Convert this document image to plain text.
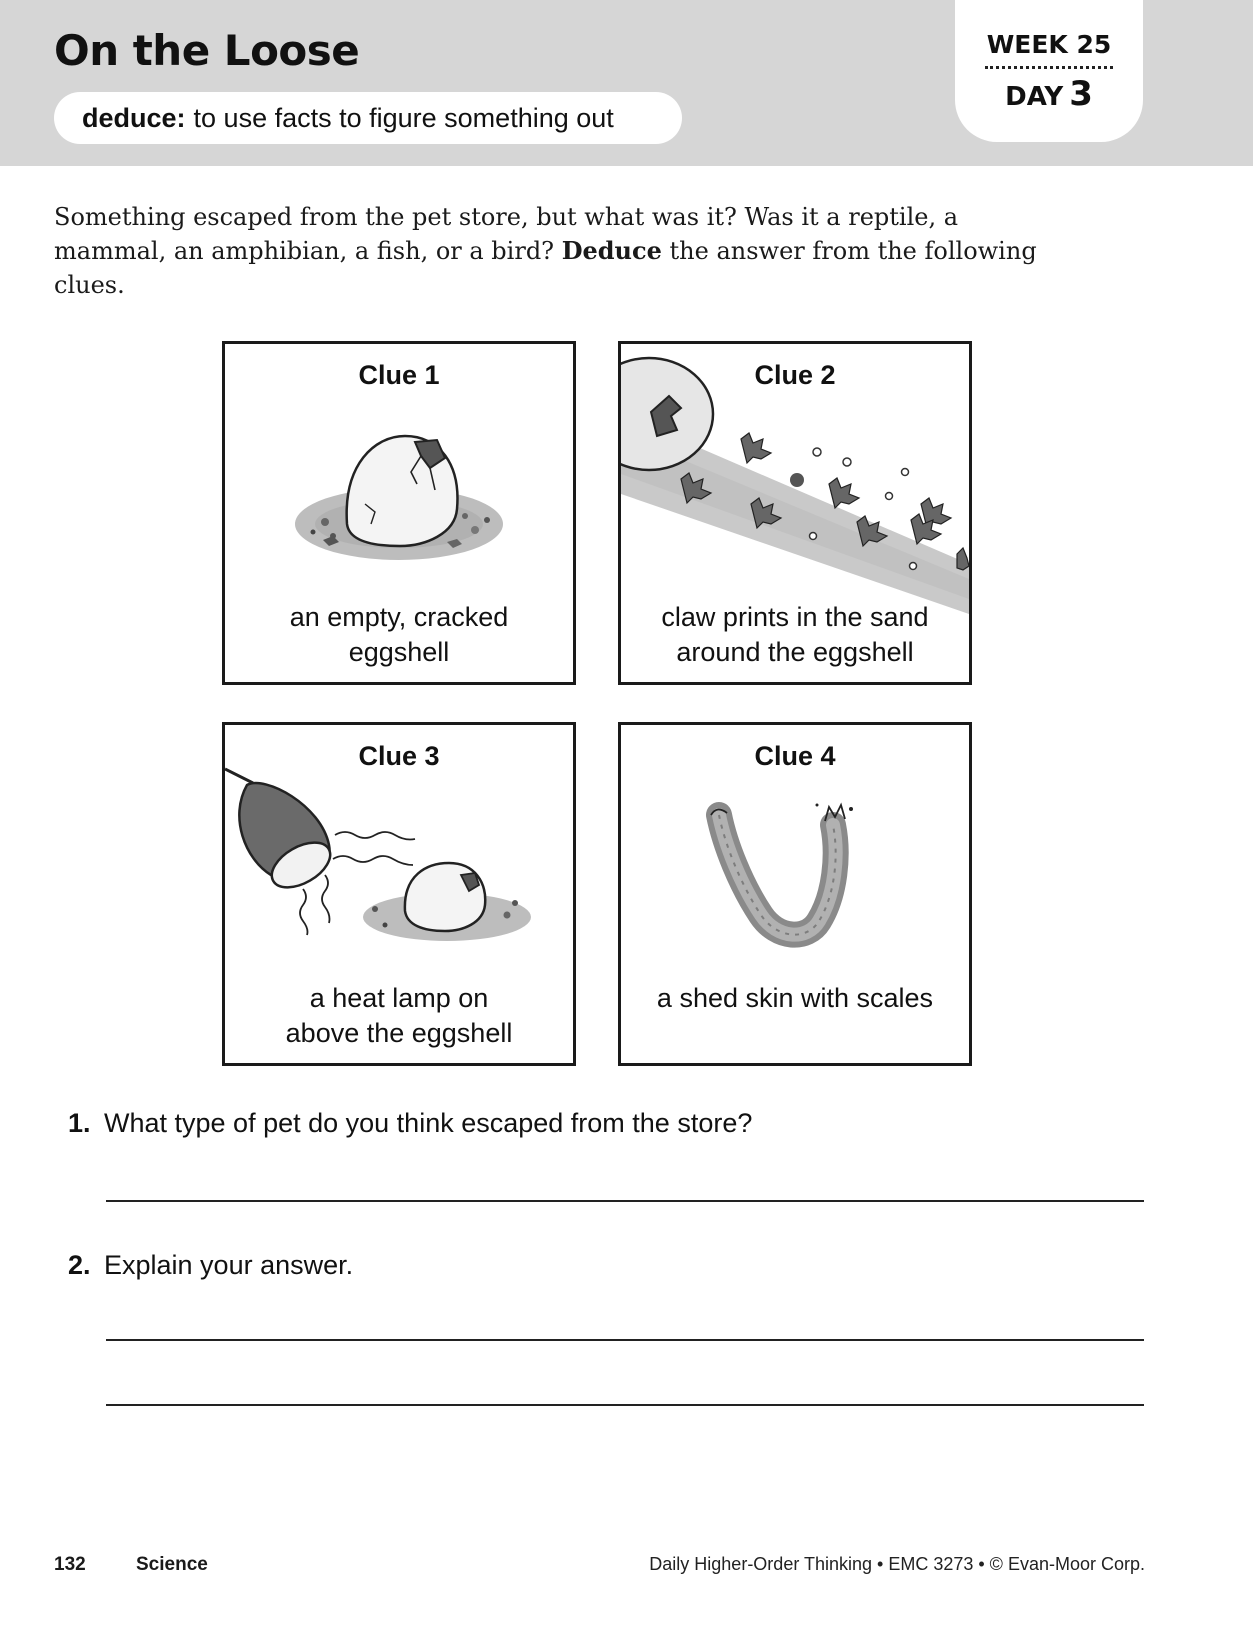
On the Loose
deduce: to use facts to figure something out
WEEK 25
DAY 3

Something escaped from the pet store, but what was it? Was it a reptile, a mammal, an amphibian, a fish, or a bird? Deduce the answer from the following clues.

Clue 1
an empty, cracked
eggshell
Clue 2
claw prints in the sand
around the eggshell
Clue 3
a heat lamp on
above the eggshell
Clue 4
a shed skin with scales
1. What type of pet do you think escaped from the store?
2. Explain your answer.
132	Science	Daily Higher-Order Thinking • EMC 3273 • © Evan-Moor Corp.
